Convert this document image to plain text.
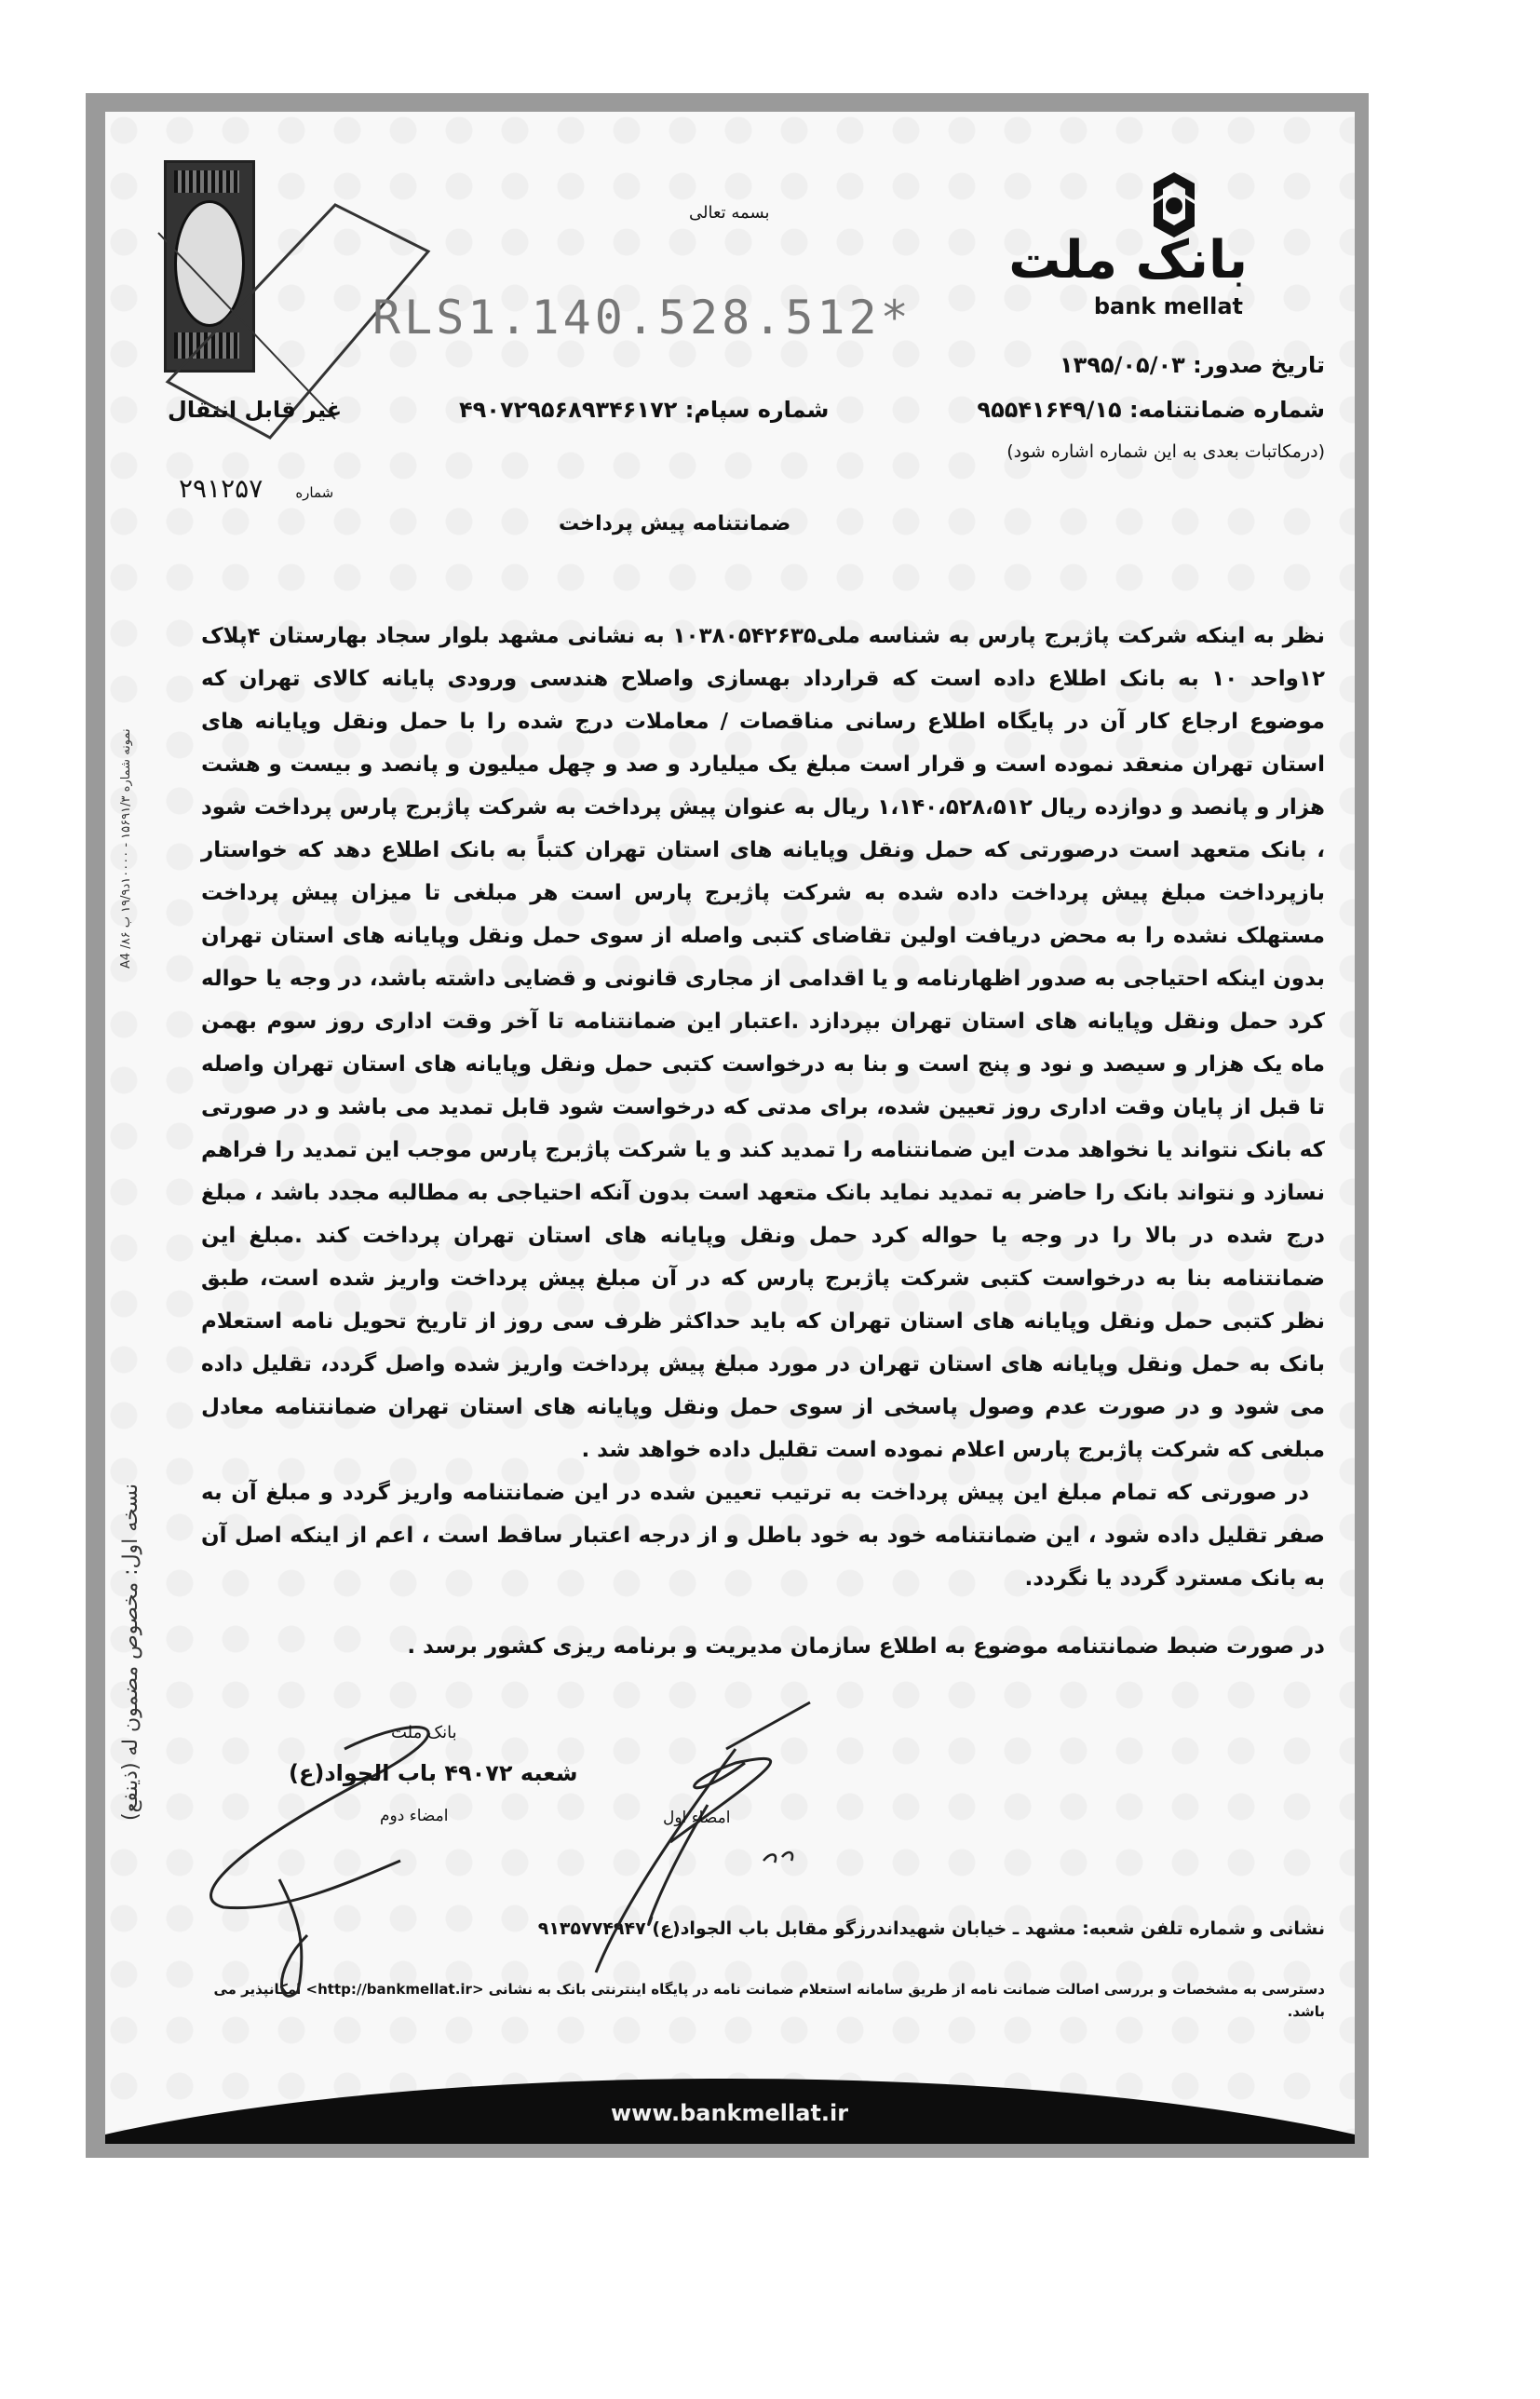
بانک ملت
bank mellat
بسمه تعالی
RLS1.140.528.512*
تاریخ صدور: ۱۳۹۵/۰۵/۰۳
شماره ضمانتنامه: ۹۵۵۴۱۶۴۹/۱۵
شماره سپام: ۴۹۰۷۲۹۵۶۸۹۳۴۶۱۷۲
غیر قابل انتقال
(درمکاتبات بعدی به این شماره اشاره شود)
شماره ۲۹۱۲۵۷
ضمانتنامه پیش پرداخت

نظر به اینکه شرکت پاژبرج پارس به شناسه ملی۱۰۳۸۰۵۴۲۶۳۵ به نشانی مشهد بلوار سجاد بهارستان ۴پلاک ۱۲واحد ۱۰ به بانک اطلاع داده است که قرارداد بهسازی واصلاح هندسی ورودی پایانه کالای تهران که موضوع ارجاع کار آن در پایگاه اطلاع رسانی مناقصات / معاملات درج شده را با حمل ونقل وپایانه های استان تهران منعقد نموده است و قرار است مبلغ یک میلیارد و صد و چهل میلیون و پانصد و بیست و هشت هزار و پانصد و دوازده ریال ۱،۱۴۰،۵۲۸،۵۱۲ ریال به عنوان پیش پرداخت به شرکت پاژبرج پارس پرداخت شود ، بانک متعهد است درصورتی که حمل ونقل وپایانه های استان تهران کتباً به بانک اطلاع دهد که خواستار بازپرداخت مبلغ پیش پرداخت داده شده به شرکت پاژبرج پارس است هر مبلغی تا میزان پیش پرداخت مستهلک نشده را به محض دریافت اولین تقاضای کتبی واصله از سوی حمل ونقل وپایانه های استان تهران بدون اینکه احتیاجی به صدور اظهارنامه و یا اقدامی از مجاری قانونی و قضایی داشته باشد، در وجه یا حواله کرد حمل ونقل وپایانه های استان تهران بپردازد .اعتبار این ضمانتنامه تا آخر وقت اداری روز سوم بهمن ماه یک هزار و سیصد و نود و پنج است و بنا به درخواست کتبی حمل ونقل وپایانه های استان تهران واصله تا قبل از پایان وقت اداری روز تعیین شده، برای مدتی که درخواست شود قابل تمدید می باشد و در صورتی که بانک نتواند یا نخواهد مدت این ضمانتنامه را تمدید کند و یا شرکت پاژبرج پارس موجب این تمدید را فراهم نسازد و نتواند بانک را حاضر به تمدید نماید بانک متعهد است بدون آنکه احتیاجی به مطالبه مجدد باشد ، مبلغ درج شده در بالا را در وجه یا حواله کرد حمل ونقل وپایانه های استان تهران پرداخت کند .مبلغ این ضمانتنامه بنا به درخواست کتبی شرکت پاژبرج پارس که در آن مبلغ پیش پرداخت واریز شده است، طبق نظر کتبی حمل ونقل وپایانه های استان تهران که باید حداکثر ظرف سی روز از تاریخ تحویل نامه استعلام بانک به حمل ونقل وپایانه های استان تهران در مورد مبلغ پیش پرداخت واریز شده واصل گردد، تقلیل داده می شود و در صورت عدم وصول پاسخی از سوی حمل ونقل وپایانه های استان تهران ضمانتنامه معادل مبلغی که شرکت پاژبرج پارس اعلام نموده است تقلیل داده خواهد شد .

در صورتی که تمام مبلغ این پیش پرداخت به ترتیب تعیین شده در این ضمانتنامه واریز گردد و مبلغ آن به صفر تقلیل داده شود ، این ضمانتنامه خود به خود باطل و از درجه اعتبار ساقط است ، اعم از اینکه اصل آن به بانک مسترد گردد یا نگردد.

در صورت ضبط ضمانتنامه موضوع به اطلاع سازمان مدیریت و برنامه ریزی کشور برسد .

بانک ملت
شعبه ۴۹۰۷۲ باب الجواد(ع)
امضاء دوم	امضاء اول
نشانی و شماره تلفن شعبه: مشهد ـ خیابان شهیداندرزگو مقابل باب الجواد(ع) ۹۱۳۵۷۷۴۹۴۷
دسترسی به مشخصات و بررسی اصالت ضمانت نامه از طریق سامانه استعلام ضمانت نامه در پایگاه اینترنتی بانک به نشانی <http://bankmellat.ir> امکانپذیر می باشد.
www.bankmellat.ir
نمونه شماره ۱۵۶۹۱/۳ - ۱۰۰۰۰د۱۹/۹ ب ۸۶/ A4
نسخه اول: مخصوص مضمون له (ذینفع)
